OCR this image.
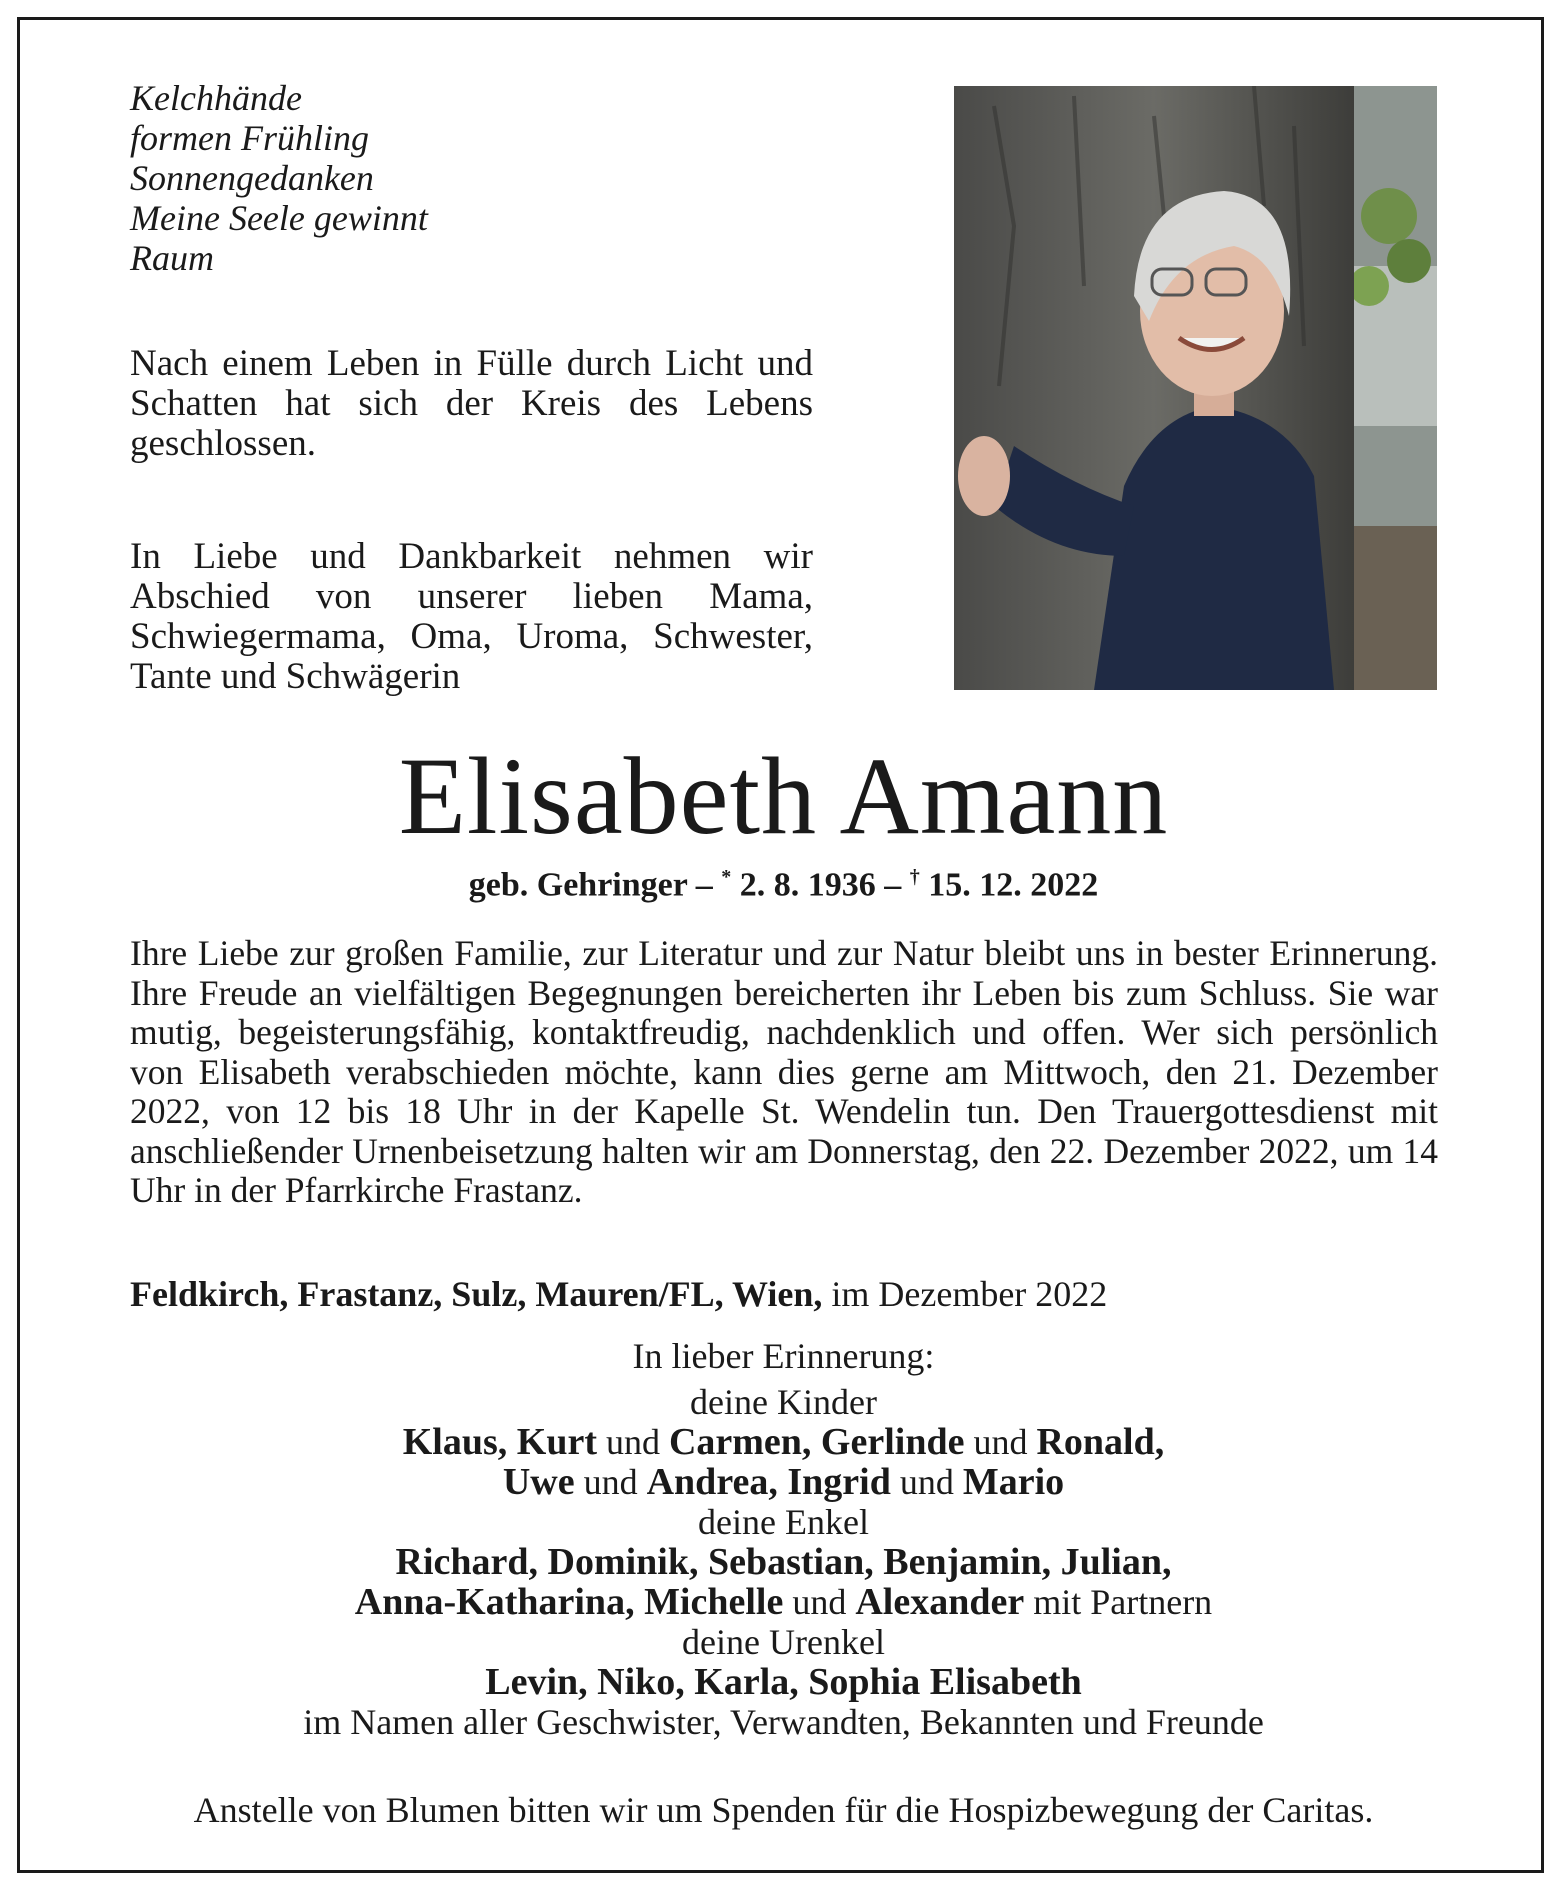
Kelchhände
formen Frühling
Sonnengedanken
Meine Seele gewinnt
Raum
Nach einem Leben in Fülle durch Licht und Schatten hat sich der Kreis des Lebens geschlossen.
In Liebe und Dankbarkeit nehmen wir Abschied von unserer lieben Mama, Schwiegermama, Oma, Uroma, Schwester, Tante und Schwägerin
Elisabeth Amann
geb. Gehringer – * 2. 8. 1936 – † 15. 12. 2022
Ihre Liebe zur großen Familie, zur Literatur und zur Natur bleibt uns in bester Erinnerung. Ihre Freude an vielfältigen Begegnungen bereicherten ihr Leben bis zum Schluss. Sie war mutig, begeisterungsfähig, kontaktfreudig, nachdenklich und offen. Wer sich persönlich von Elisabeth verabschieden möchte, kann dies gerne am Mittwoch, den 21. Dezember 2022, von 12 bis 18 Uhr in der Kapelle St. Wendelin tun. Den Trauergottesdienst mit anschließender Urnenbeisetzung halten wir am Donnerstag, den 22. Dezember 2022, um 14 Uhr in der Pfarrkirche Frastanz.
Feldkirch, Frastanz, Sulz, Mauren/FL, Wien, im Dezember 2022
In lieber Erinnerung:
deine Kinder
Klaus, Kurt und Carmen, Gerlinde und Ronald,
Uwe und Andrea, Ingrid und Mario
deine Enkel
Richard, Dominik, Sebastian, Benjamin, Julian,
Anna-Katharina, Michelle und Alexander mit Partnern
deine Urenkel
Levin, Niko, Karla, Sophia Elisabeth
im Namen aller Geschwister, Verwandten, Bekannten und Freunde
Anstelle von Blumen bitten wir um Spenden für die Hospizbewegung der Caritas.
